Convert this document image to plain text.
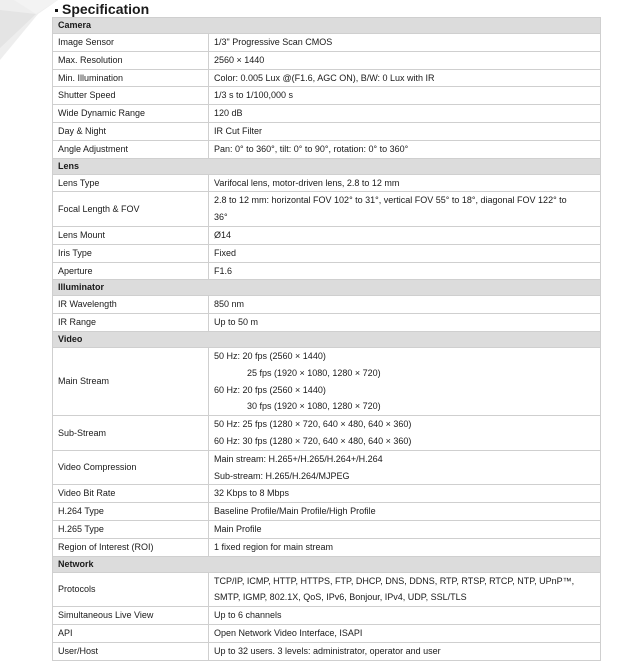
Specification
Camera	
Image Sensor	1/3" Progressive Scan CMOS

Max. Resolution	2560 × 1440

Min. Illumination	Color: 0.005 Lux @(F1.6, AGC ON), B/W: 0 Lux with IR

Shutter Speed	1/3 s to 1/100,000 s

Wide Dynamic Range	120 dB

Day & Night	IR Cut Filter

Angle Adjustment	Pan: 0° to 360°, tilt: 0° to 90°, rotation: 0° to 360°

Lens	
Lens Type	Varifocal lens, motor-driven lens, 2.8 to 12 mm

Focal Length & FOV	2.8 to 12 mm: horizontal FOV 102° to 31°, vertical FOV 55° to 18°, diagonal FOV 122° to
36°

Lens Mount	Ø14

Iris Type	Fixed

Aperture	F1.6

Illuminator	
IR Wavelength	850 nm

IR Range	Up to 50 m

Video	
Main Stream	50 Hz: 20 fps (2560 × 1440)
25 fps (1920 × 1080, 1280 × 720)
60 Hz: 20 fps (2560 × 1440)
30 fps (1920 × 1080, 1280 × 720)

Sub-Stream	50 Hz: 25 fps (1280 × 720, 640 × 480, 640 × 360)
60 Hz: 30 fps (1280 × 720, 640 × 480, 640 × 360)

Video Compression	Main stream: H.265+/H.265/H.264+/H.264
Sub-stream: H.265/H.264/MJPEG

Video Bit Rate	32 Kbps to 8 Mbps

H.264 Type	Baseline Profile/Main Profile/High Profile

H.265 Type	Main Profile

Region of Interest (ROI)	1 fixed region for main stream

Network	
Protocols	TCP/IP, ICMP, HTTP, HTTPS, FTP, DHCP, DNS, DDNS, RTP, RTSP, RTCP, NTP, UPnP™,
SMTP, IGMP, 802.1X, QoS, IPv6, Bonjour, IPv4, UDP, SSL/TLS

Simultaneous Live View	Up to 6 channels

API	Open Network Video Interface, ISAPI

User/Host	Up to 32 users. 3 levels: administrator, operator and user
